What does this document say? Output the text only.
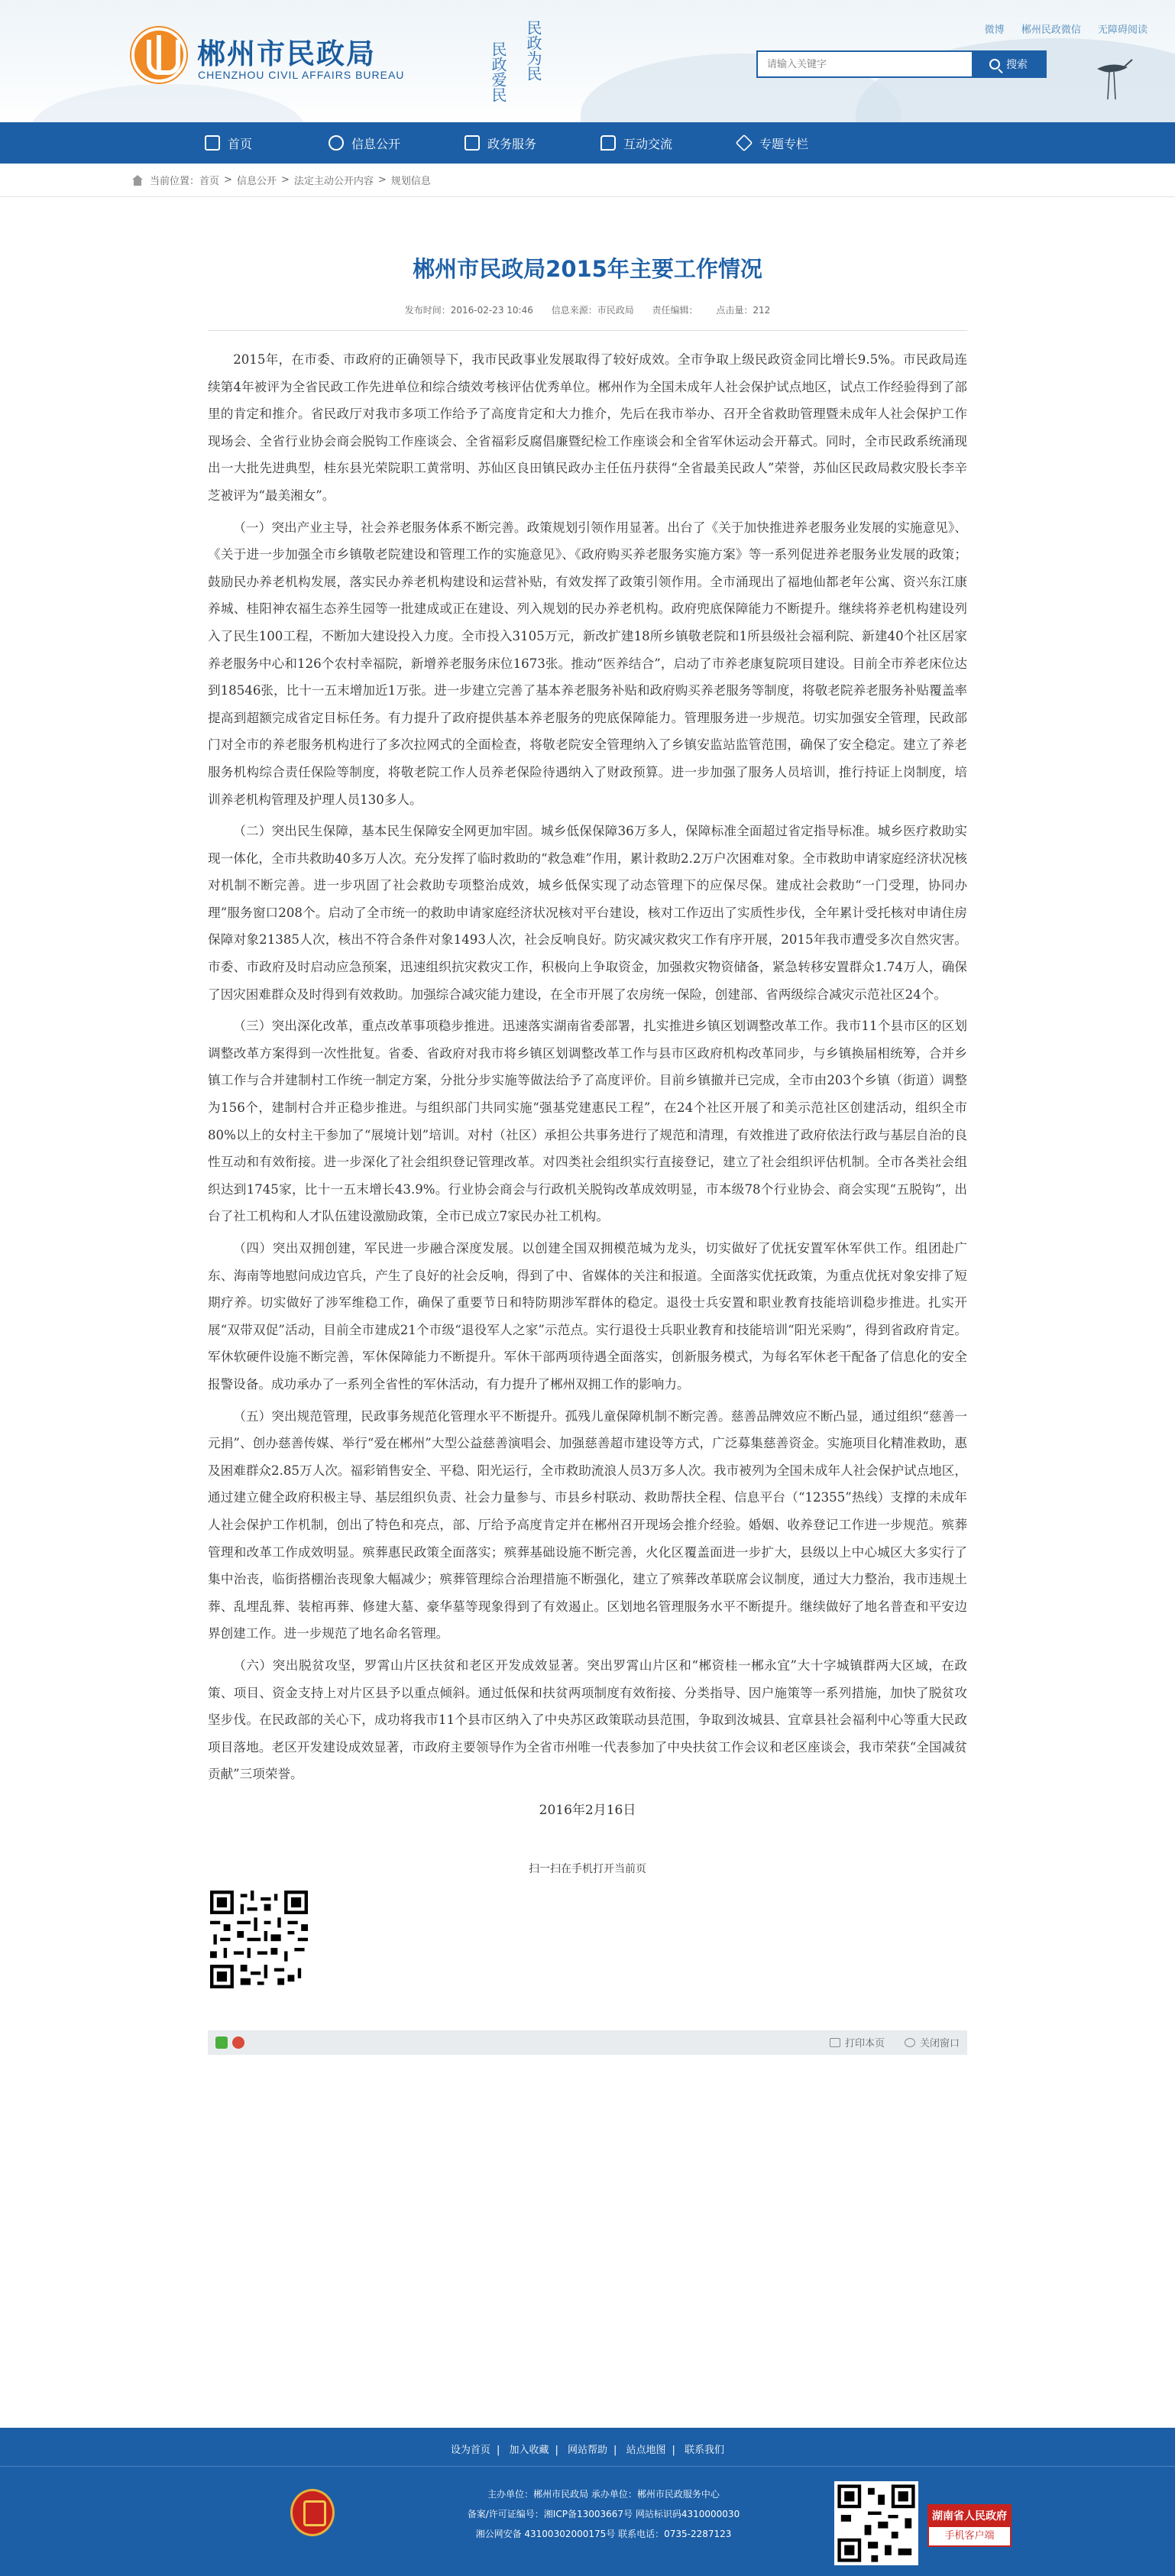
郴州市民政局
CHENZHOU CIVIL AFFAIRS BUREAU	民政为民
民政爱民
微博 郴州民政微信 无障碍阅读
请输入关键字
搜索
首页	信息公开	政务服务	互动交流	专题专栏
当前位置： 首页 > 信息公开 > 法定主动公开内容 > 规划信息
郴州市民政局2015年主要工作情况
发布时间：2016-02-23 10:46 信息来源：市民政局 责任编辑： 点击量：212

2015年，在市委、市政府的正确领导下，我市民政事业发展取得了较好成效。全市争取上级民政资金同比增长9.5%。市民政局连续第4年被评为全省民政工作先进单位和综合绩效考核评估优秀单位。郴州作为全国未成年人社会保护试点地区，试点工作经验得到了部里的肯定和推介。省民政厅对我市多项工作给予了高度肯定和大力推介，先后在我市举办、召开全省救助管理暨未成年人社会保护工作现场会、全省行业协会商会脱钩工作座谈会、全省福彩反腐倡廉暨纪检工作座谈会和全省军休运动会开幕式。同时，全市民政系统涌现出一大批先进典型，桂东县光荣院职工黄常明、苏仙区良田镇民政办主任伍丹获得“全省最美民政人”荣誉，苏仙区民政局救灾股长李辛芝被评为“最美湘女”。

（一）突出产业主导，社会养老服务体系不断完善。政策规划引领作用显著。出台了《关于加快推进养老服务业发展的实施意见》、《关于进一步加强全市乡镇敬老院建设和管理工作的实施意见》、《政府购买养老服务实施方案》等一系列促进养老服务业发展的政策；鼓励民办养老机构发展，落实民办养老机构建设和运营补贴，有效发挥了政策引领作用。全市涌现出了福地仙都老年公寓、资兴东江康养城、桂阳神农福生态养生园等一批建成或正在建设、列入规划的民办养老机构。政府兜底保障能力不断提升。继续将养老机构建设列入了民生100工程，不断加大建设投入力度。全市投入3105万元，新改扩建18所乡镇敬老院和1所县级社会福利院、新建40个社区居家养老服务中心和126个农村幸福院，新增养老服务床位1673张。推动“医养结合”，启动了市养老康复院项目建设。目前全市养老床位达到18546张，比十一五末增加近1万张。进一步建立完善了基本养老服务补贴和政府购买养老服务等制度，将敬老院养老服务补贴覆盖率提高到超额完成省定目标任务。有力提升了政府提供基本养老服务的兜底保障能力。管理服务进一步规范。切实加强安全管理，民政部门对全市的养老服务机构进行了多次拉网式的全面检查，将敬老院安全管理纳入了乡镇安监站监管范围，确保了安全稳定。建立了养老服务机构综合责任保险等制度，将敬老院工作人员养老保险待遇纳入了财政预算。进一步加强了服务人员培训，推行持证上岗制度，培训养老机构管理及护理人员130多人。

（二）突出民生保障，基本民生保障安全网更加牢固。城乡低保保障36万多人，保障标准全面超过省定指导标准。城乡医疗救助实现一体化，全市共救助40多万人次。充分发挥了临时救助的“救急难”作用，累计救助2.2万户次困难对象。全市救助申请家庭经济状况核对机制不断完善。进一步巩固了社会救助专项整治成效，城乡低保实现了动态管理下的应保尽保。建成社会救助“一门受理，协同办理”服务窗口208个。启动了全市统一的救助申请家庭经济状况核对平台建设，核对工作迈出了实质性步伐，全年累计受托核对申请住房保障对象21385人次，核出不符合条件对象1493人次，社会反响良好。防灾减灾救灾工作有序开展，2015年我市遭受多次自然灾害。市委、市政府及时启动应急预案，迅速组织抗灾救灾工作，积极向上争取资金，加强救灾物资储备，紧急转移安置群众1.74万人，确保了因灾困难群众及时得到有效救助。加强综合减灾能力建设，在全市开展了农房统一保险，创建部、省两级综合减灾示范社区24个。

（三）突出深化改革，重点改革事项稳步推进。迅速落实湖南省委部署，扎实推进乡镇区划调整改革工作。我市11个县市区的区划调整改革方案得到一次性批复。省委、省政府对我市将乡镇区划调整改革工作与县市区政府机构改革同步，与乡镇换届相统筹，合并乡镇工作与合并建制村工作统一制定方案，分批分步实施等做法给予了高度评价。目前乡镇撤并已完成，全市由203个乡镇（街道）调整为156个，建制村合并正稳步推进。与组织部门共同实施“强基党建惠民工程”，在24个社区开展了和美示范社区创建活动，组织全市80%以上的女村主干参加了“展境计划”培训。对村（社区）承担公共事务进行了规范和清理，有效推进了政府依法行政与基层自治的良性互动和有效衔接。进一步深化了社会组织登记管理改革。对四类社会组织实行直接登记，建立了社会组织评估机制。全市各类社会组织达到1745家，比十一五末增长43.9%。行业协会商会与行政机关脱钩改革成效明显，市本级78个行业协会、商会实现“五脱钩”，出台了社工机构和人才队伍建设激励政策，全市已成立7家民办社工机构。

（四）突出双拥创建，军民进一步融合深度发展。以创建全国双拥模范城为龙头，切实做好了优抚安置军休军供工作。组团赴广东、海南等地慰问成边官兵，产生了良好的社会反响，得到了中、省媒体的关注和报道。全面落实优抚政策，为重点优抚对象安排了短期疗养。切实做好了涉军维稳工作，确保了重要节日和特防期涉军群体的稳定。退役士兵安置和职业教育技能培训稳步推进。扎实开展“双带双促”活动，目前全市建成21个市级“退役军人之家”示范点。实行退役士兵职业教育和技能培训“阳光采购”，得到省政府肯定。军休软硬件设施不断完善，军休保障能力不断提升。军休干部两项待遇全面落实，创新服务模式，为每名军休老干配备了信息化的安全报警设备。成功承办了一系列全省性的军休活动，有力提升了郴州双拥工作的影响力。

（五）突出规范管理，民政事务规范化管理水平不断提升。孤残儿童保障机制不断完善。慈善品牌效应不断凸显，通过组织“慈善一元捐”、创办慈善传媒、举行“爱在郴州”大型公益慈善演唱会、加强慈善超市建设等方式，广泛募集慈善资金。实施项目化精准救助，惠及困难群众2.85万人次。福彩销售安全、平稳、阳光运行，全市救助流浪人员3万多人次。我市被列为全国未成年人社会保护试点地区，通过建立健全政府积极主导、基层组织负责、社会力量参与、市县乡村联动、救助帮扶全程、信息平台（“12355”热线）支撑的未成年人社会保护工作机制，创出了特色和亮点，部、厅给予高度肯定并在郴州召开现场会推介经验。婚姻、收养登记工作进一步规范。殡葬管理和改革工作成效明显。殡葬惠民政策全面落实；殡葬基础设施不断完善，火化区覆盖面进一步扩大，县级以上中心城区大多实行了集中治丧，临街搭棚治丧现象大幅减少；殡葬管理综合治理措施不断强化，建立了殡葬改革联席会议制度，通过大力整治，我市违规土葬、乱埋乱葬、装棺再葬、修建大墓、豪华墓等现象得到了有效遏止。区划地名管理服务水平不断提升。继续做好了地名普查和平安边界创建工作。进一步规范了地名命名管理。

（六）突出脱贫攻坚，罗霄山片区扶贫和老区开发成效显著。突出罗霄山片区和“郴资桂一郴永宜”大十字城镇群两大区域，在政策、项目、资金支持上对片区县予以重点倾斜。通过低保和扶贫两项制度有效衔接、分类指导、因户施策等一系列措施，加快了脱贫攻坚步伐。在民政部的关心下，成功将我市11个县市区纳入了中央苏区政策联动县范围，争取到汝城县、宜章县社会福利中心等重大民政项目落地。老区开发建设成效显著，市政府主要领导作为全省市州唯一代表参加了中央扶贫工作会议和老区座谈会，我市荣获“全国减贫贡献”三项荣誉。

2016年2月16日
扫一扫在手机打开当前页
打印本页	关闭窗口
设为首页 | 加入收藏 | 网站帮助 | 站点地图 | 联系我们
主办单位：郴州市民政局 承办单位：郴州市民政服务中心
备案/许可证编号：湘ICP备13003667号 网站标识码4310000030
湘公网安备 43100302000175号 联系电话：0735-2287123
湖南省人民政府
手机客户端
